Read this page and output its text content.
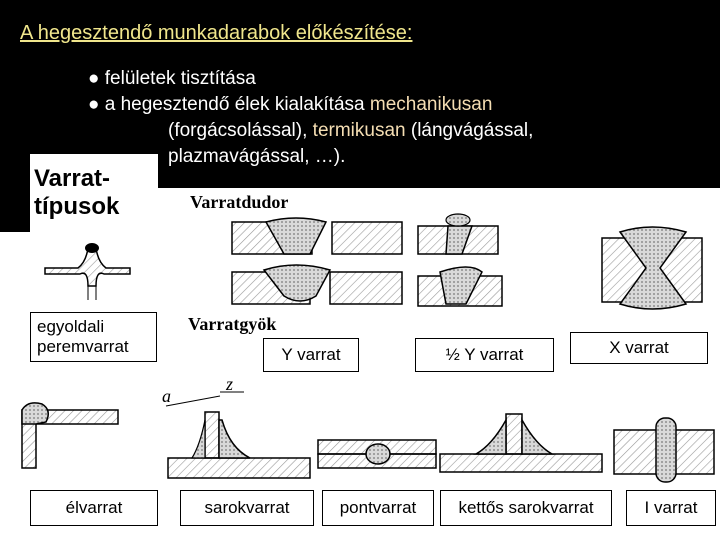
A hegesztendő munkadarabok előkészítése:
● felületek tisztítása
● a hegesztendő élek kialakítása mechanikusan
(forgácsolással), termikusan (lángvágással,
plazmavágással, …).
Varrat-
típusok	Varratdudor
Varratgyök
a
z
egyoldali peremvarrat	Y varrat	½ Y varrat	X varrat
élvarrat	sarokvarrat	pontvarrat	kettős sarokvarrat	I varrat
